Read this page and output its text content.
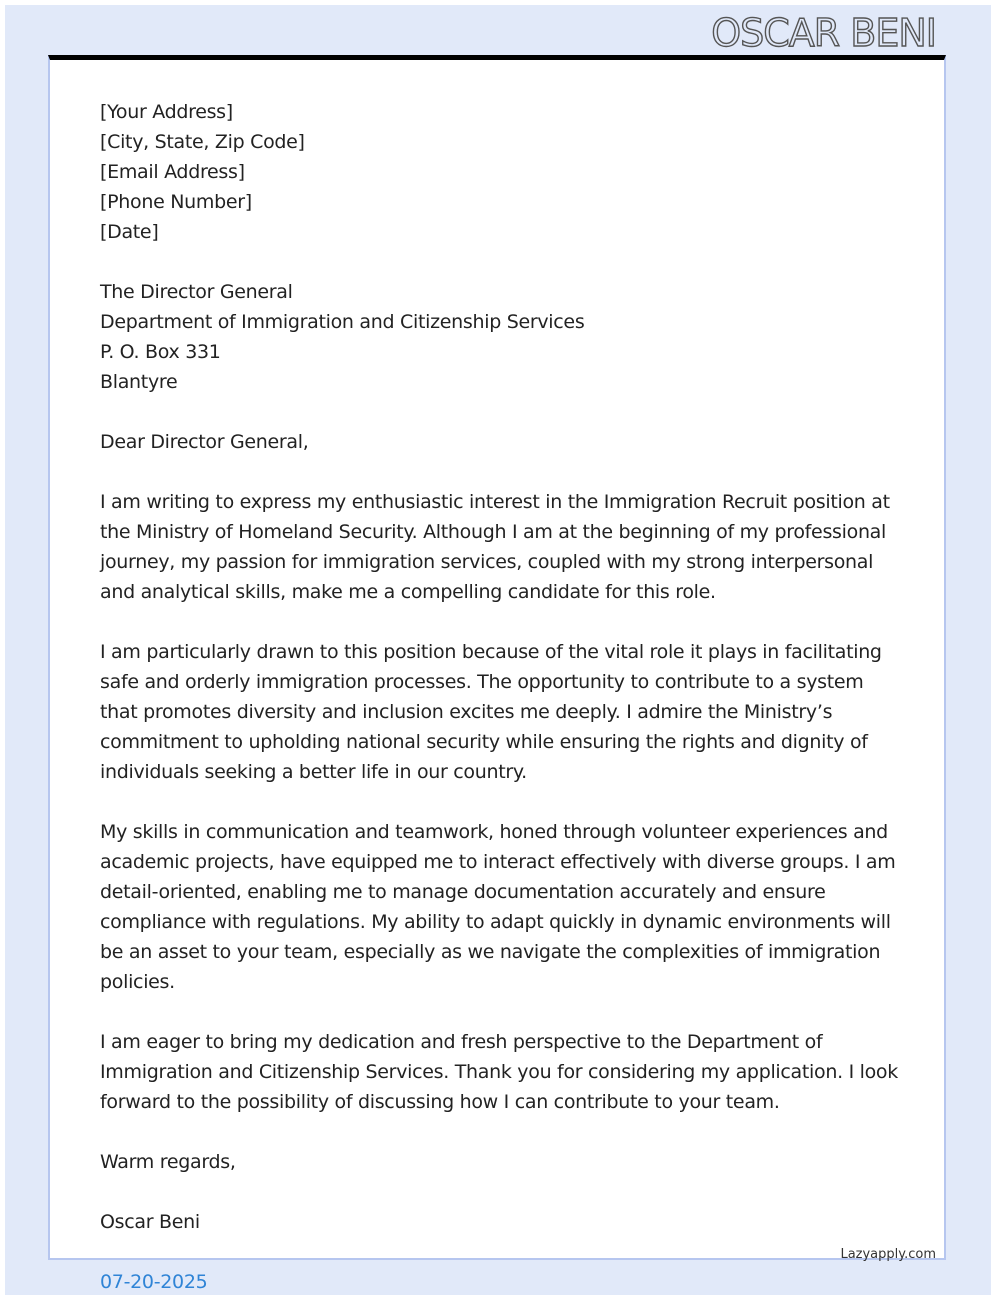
OSCAR BENI

[Your Address]
[City, State, Zip Code]
[Email Address]
[Phone Number]
[Date]

The Director General
Department of Immigration and Citizenship Services
P. O. Box 331
Blantyre

Dear Director General,

I am writing to express my enthusiastic interest in the Immigration Recruit position at the Ministry of Homeland Security. Although I am at the beginning of my professional journey, my passion for immigration services, coupled with my strong interpersonal and analytical skills, make me a compelling candidate for this role.

I am particularly drawn to this position because of the vital role it plays in facilitating safe and orderly immigration processes. The opportunity to contribute to a system that promotes diversity and inclusion excites me deeply. I admire the Ministry’s commitment to upholding national security while ensuring the rights and dignity of individuals seeking a better life in our country.

My skills in communication and teamwork, honed through volunteer experiences and academic projects, have equipped me to interact effectively with diverse groups. I am detail-oriented, enabling me to manage documentation accurately and ensure compliance with regulations. My ability to adapt quickly in dynamic environments will be an asset to your team, especially as we navigate the complexities of immigration policies.

I am eager to bring my dedication and fresh perspective to the Department of Immigration and Citizenship Services. Thank you for considering my application. I look forward to the possibility of discussing how I can contribute to your team.

Warm regards,

Oscar Beni

07-20-2025
Lazyapply.com
